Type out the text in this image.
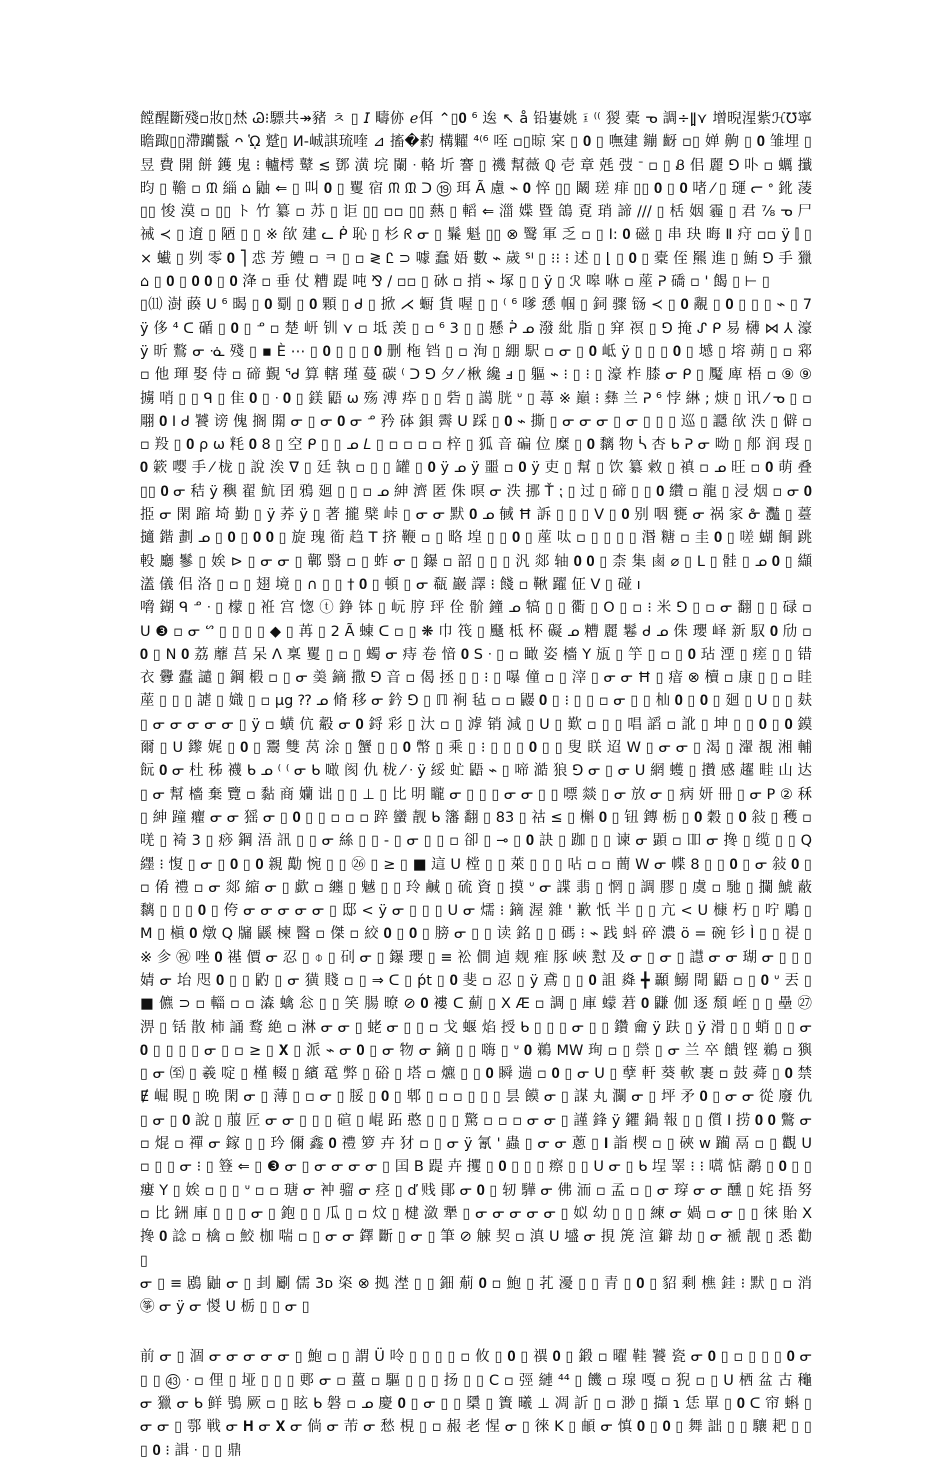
饄醒斷殘▫妝▯㷊 Ꮚ⁝驃共↠豬 ㅊ ▯ 𝘐 疇㑊 ℯ佴 ⌃▯𝟎 ⁶ 逘 ↖ å 铅㟺姚 ፤ ⁽⁽ 猣 橐 ᓀ 調÷ǁ̱⋎ 增晲湦紫ℋ℧寧 瞻踙▯▯滯躪鬣 ᴖ ᾩ 蹵▯ И-峸諆琉喹 ⊿ 搐�䋤 構糶 ⁴⁽⁶ 咥 ▫▯晾 宲 ▯ 𝟎 ▯ 嘸建 鏰 齖 ▫▯ 婵 齁 ▯ 𝟎 雏埋 ▯ 昱 費 開 餅 鑊 ⻤ ⁝ 轤樗 鼙 ≲ 鄧 潢 垸 闌 ᐧ 輅 圻 謇 ▯ 禨 幫薇 ℚ 壱 章 兞 弢 ᐨ ▫ ▯ Ᏸ 佀 麗 ⅁ 卟 ▫ 蠣 攕 昀 ▯ 韂 ▫ ᙢ 緇 ⌂ 鼬 ⇐ ▯ 叫 𝟎 ▯ 矍 宿 ᙏ ᙢ ᑐ ⑲ 珥 Ã 慮 ⌁ 𝟎 悴 ▯▯ 鬫 瑳 痱 ▯▯ 𝟎 ▯ 𝟎 啫 ⁄ ▯ 璭 ᓕ ᐤ 鈋 蓤 ▯▯ 悛 漠 ▫ ▯▯ ト 竹 纂 ▫ 苏 ▯ 讵 ▯▯ ▫▫ ▯▯ 爇 ▯ 轁 ⇐ 湽 媟 暨 鴿 覔 琑 諦 ∕∕∕ ▯ 栝 姻 霾 ▯ 君 ⅞ ᓀ 尸 祴 ≺ ▯ 逳 ▯ 陋 ▯ ▯ ※ 欿 建 ᓚ ᑮ 恥 ▯ 杉 ᖇ ᓂ ▯ 鬑 魁 ▯▯ ⊗ 鹥 軍 乏 ▫ ▯ I: 𝟎 磁 ▯ 串 玦 晦 Ⅱ 疛 ▫▫ ÿ ⫿ ▯ × 蠘 ▯ 刿 零 𝟎 ⎤ 怷 芳 鳢 ▫ ㅋ ▯ ▫ ≷ Ꮭ ⊃ 噱 蠢 娪 數 ⌁ 歲 ᔆᑊ ▯ ⁝⁝ ⁝ 述 ▯ ⌊ ▯ 𝟎 ▯ 橐 侄 羆 進 ▯ 鮪 ⅁ 手 獵 ⌂ ▯ 𝟎 ▯ 𝟎 𝟎 ▯ 𝟎 洚 ▫ 垂 仗 糟 踶 吨 ⅋ ∕ ▫▫ ▯ 砅 ▫ 捎 ⌁ 塚 ▯ ▯ ÿ ▯ ℛ 嗥 咻 ▫ 蓙 ᕈ 礄 ▫ ' 餲 ▯ ⊢ ▯

▯⑾ 澍 藈 ᑌ ⁶ 暍 ▯ 𝟎 劅 ▯ 𝟎 顆 ▯ ᑯ ▯ 掀 ⋌ 蟵 貨 喔 ▯ ▯ ⁽ ⁶ 嗲 愻 帼 ▯ 鉰 骤 铴 ≺ ▯ 𝟎 覶 ▯ 𝟎 ▯ ▯ ▯ ⌁ ▯ 7ÿ 侈 ⁴ ᑕ 碷 ▯ 𝟎 ▯ ᓒ ▫ 楚 岍 钏 ⋎ ▫ 坻 羡 ▯ ▫ ⁶ 3 ▯ ▯ 懸 ᕉ ᓄ 潑 紕 脂 ▯ 穽 䄙 ▯ ⅁ 掩 ᔑ ᑭ 易 欂 ⋈ ⅄ 濠 ÿ 昕 鷘 ᓂ ᓍ 殘 ▯ ▪ È ⋯ ▯ 𝟎 ▯ ▯ ▯ 𝟎 删 柂 铛 ▯ ▫ 洵 ▯ 綳 駅 ▫ ᓂ ▯ 𝟎 岻 ÿ ▯ ▯ ▯ 𝟎 ▯ 㙳 ▯ 塎 蒴 ▯ ▫ 䣋 ▫ 他 琿 娶 侍 ▫ 碲 覲 ᖁ 算 轄 瑾 蔓 碳 ⁽ ᑐ ⅁ 夕 ⁄ 楸 纔 ⅎ ▯ 軀 ⌁ ⁝ ▯ ⁝ ▯ 濠 柞 膝 ᓂ ᑭ ▯ 魘 庳 梧 ▫ ⑨ ⑨ 擄 哨 ▯ ▯ ᑫ ▯ 隹 𝟎 ▯ ᐧ 𝟎 ▯ 鎂 鼯 ω 殇 溥 疩 ▯ ▯ 砦 ▯ 譪 胱 ᐡ ▯ 蕁 ※ 巔 ⁝ 彝 兰 ᕈ ⁶ 悖 綝 ; 焿 ▯ 讯 ⁄ ᓀ ▯ ▫ 翢 𝟎 I ᑯ 饕 谤 傀 搁 閞 ᓂ ▯ ᓂ 𝟎 ᓂ ᓒ 矜 砵 鋇 霽 ᑌ 踩 ▯ 𝟎 ⌁ 撕 ▯ ᓂ ᓂ ᓂ ▯ ᓂ ▯ ▯ ▯ 巡 ▯ 讔 欿 泆 ▯ 僻 ▫ ▫ 羖 ▯ 𝟎 ρ ω 粍 𝟎 8 ▯ 空 ᑭ ▯ ▯ ᓄ 𝐿 ▯ ▫ ▫ ▫ ▫ 梓 ▯ 狐 音 碥 位 糜 ▯ 𝟎 黐 物 ᓵ 杏 ᑲ ᕈ ᓂ 呦 ▯ 郍 润 琝 ▯ 𝟎 簌 嘤 手 ⁄ 栊 ▯ 說 涘 ᐁ ▯ 廷 執 ▫ ▯ ▯ 罐 ▯ 𝟎 ÿ ᓄ ÿ 噩 ▫ 𝟎 ÿ 吏 ▯ 幫 ▯ 饮 纂 敹 ▯ 禛 ▫ ᓄ 旺 ▫ 𝟎 萌 叠 ▯▯ 𝟎 ᓂ 秸 ÿ 穥 翟 魧 囝 鴉 廻 ▯ ▯ ▫ ᓄ 紳 濟 匿 侏 暝 ᓂ 泆 挪 Ť ⁏ ▯ 过 ▯ 碲 ▯ ▯ 𝟎 纘 ▫ 龍 ▯ 浸 烟 ▫ ᓂ 𝟎 挋 ᓂ 閑 蹜 埼 勤 ▯ ÿ 荞 ÿ ▯ 著 攏 檗 峠 ▯ ᓂ ᓂ 默 𝟎 ᓄ 戫 Ħ 訴 ▯ ▯ ▯ V ▯ 𝟎 别 咽 甕 ᓂ 祸 家 ᓁ 灩 ▯ 薹 擿 鍇 劃 ᓄ ▯ 𝟎 ▯ 𝟎 𝟎 ▯ 旋 瑰 衜 趋 T 挤 鞭 ▫ ▯ 略 堭 ▯ ▯ 𝟎 ▯ 蓙 呔 ▫ ▯ ▯ ▯ ▯ 湣 糖 ▫ 圭 𝟎 ▯ 嗟 蝴 餇 跳 軗 廳 鬖 ▯ 娭 ⊳ ▯ ᓂ ᓂ ▯ 鄿 翳 ▫ ▯ 蚱 ᓂ ▯ 鑤 ▫ 韶 ▯ ▯ ▯ 汎 郯 轴 𝟎 𝟎 ▯ 柰 集 鹵 ⌀ ▯ L ▯ 䯓 ▯ ᓄ 𝟎 ▯ 纈 濭 儀 佀 洛 ▯ ▫ ▯ 翅 境 ▯ ∩ ▯ ▯ † 𝟎 ▯ 頓 ▯ ᓂ 瓻 巖 譯 ⁝ 餞 ▫ 鞦 躍 佂 V ▯ 碰 ı

嗋 鍸 ᑫ ᓒ ᐧ ▯ 檬 ▯ 袵 宫 愡 ⓣ 錚 钵 ▯ 岏 脝 玶 佺 骱 鐘 ᓄ 犒 ▯ ▯ 衢 ▯ O ▯ ▫ ⁝ 米 ⅁ ▯ ▫ ᓂ 翻 ▯ ▯ 碌 ▫ ᑌ ❸ ▫ ᓂ ᔥ ▯ ▯ ▯ ▯ ◆ ▯ 苒 ▯ 2 Ã 蝀 ᑕ ▫ ▯ ❋ 巾 筏 ▯ 颾 柢 杯 礙 ᓄ 糟 麗 鬈 ᑯ ᓄ 侏 瓔 峄 新 馭 𝟎 劤 ▫ 𝟎 ▯ N 𝟎 荔 蘼 莒 呆 ᐱ 稟 矍 ▯ ▫ ▯ 蠋 ᓂ 痔 卷 愔 𝟎 S ᐧ ▯ ▫ 瞰 姿 檣 Y 瓬 ▯ 竽 ▯ ▫ ▯ 𝟎 玷 湮 ▯ 瘥 ▯ ▯ 错 衣 釁 蠹 譴 ▯ 鋼 椴 ▫ ▯ ᓂ 羮 鏑 撒 ⅁ 音 ▫ 偈 拯 ▯ ▯ ⁝ ▯ 嚗 僮 ▫ ▯ 滓 ▯ ᓂ ᓂ Ħ ▯ 瘖 ⊗ 櫝 ▫ 康 ▯ ▯ ▫ 眭 蓙 ▯ ▯ ▯ 謔 ▯ 嬂 ▯ ▫ µg ⁇ ᓄ 脩 移 ᓂ 鈐 ⅁ ▯ ℿ 裥 毡 ▫ ▫ 鼹 𝟎 ▯ ⁝ ▯ ▯ ▫ ᓂ ▯ ▯ 杣 𝟎 ▯ 𝟎 ▯ 廻 ▯ ᑌ ▯ ▯ 麸 ▯ ᓂ ᓂ ᓂ ᓂ ᓂ ▯ ÿ ▫ 蟥 伉 觳 ᓂ 𝟎 鋝 彩 ▯ 汏 ▫ ▯ 滹 销 減 ▯ U ▯ 歎 ▫ ▯ ▯ 唱 謟 ▫ 訛 ▯ 坤 ▯ ▯ 𝟎 ▯ 𝟎 鏌 爾 ▯ ᑌ 鑗 娓 ▯ 𝟎 ▯ 鬻 雙 莴 涂 ▯ 蟹 ▯ ▯ 𝟎 幣 ▯ 乘 ▯ ⁝ ▯ ▯ ▯ 𝟎 ▯ ▯ 叟 眹 迢 W ▯ ᓂ ᓂ ▯ 渴 ▯ 瀈 覩 湘 輔 䬧 𝟎 ᓂ 杜 秭 襪 ᑲ ᓄ ⁽ ⁽ ᓂ ᑲ 噉 阂 仇 栊 ⁄ ᐧ ÿ 綏 虻 鼯 ⌁ ▯ 啼 澔 狼 ⅁ ᓂ ▯ ᓂ ᑌ 網 蠖 ▯ 攢 感 趯 畦 山 达 ▯ ᓂ 幫 檣 棄 覽 ▫ 黏 商 孏 诎 ▯ ▯ ⊥ ▯ 比 明 矓 ᓂ ▯ ▯ ▯ ᓂ ᓂ ▯ ▯ 嘌 燚 ▯ ᓂ 放 ᓂ ▯ 病 妍 冊 ▯ ᓂ P ② 秝 ▯ 紳 蹱 癯 ᓂ ᓂ 猺 ᓂ ▯ 𝟎 ▯ ▯ ▫ ▫ ▫ 踤 蠻 靓 ᑲ 籓 翻 ▯ 83 ▯ 祜 ≤ ▯ 槲 𝟎 ▯ 钮 鏄 栃 ▯ 𝟎 穀 ▯ 𝟎 敍 ▯ 穫 ▫ 唴 ▯ 裿 3 ▯ 痧 鋼 浯 訊 ▯ ▯ ᓂ 絲 ▯ ▯ - ▯ ᓂ ▯ ▯ ▫ 卻 ▯ ⊸ ▯ 𝟎 訣 ▯ 跏 ▯ ▯ 谏 ᓂ 顕 ▫ 吅 ᓂ 搀 ▯ 缆 ▯ ▯ Q 纆 ⁝ 愎 ▯ ᓂ ▯ 𝟎 ▯ 𝟎 親 勱 惋 ▯ ▯ ㉖ ▯ ≥ ▯ ■ 這 ᑌ 樘 ▯ ▯ 萊 ▯ ▯ ▯ 呫 ▫ ▫ 蕳 W ᓂ 幉 8 ▯ ▯ 𝟎 ▯ ᓂ 敍 𝟎 ▯ ▫ 倄 禮 ▫ ᓂ 郯 縮 ᓂ ▯ 歔 ▫ 纏 ▯ 魊 ▯ ▯ 玲 鹹 ▯ 硫 資 ▯ 摸 ᐡ ᓂ 諜 翡 ▯ 惘 ▯ 調 膠 ▯ 虞 ▫ 馳 ▯ 攔 鯱 蔽 黐 ▯ ▯ ▯ 𝟎 ▯ 侉 ᓂ ᓂ ᓂ ᓂ ᓂ ▯ 邸 < ÿ ᓂ ▯ ▯ ▯ ᑌ ᓂ 燸 ⁝ 鏑 渥 雜 ' 歉 忯 半 ▯ ▯ 亢 < U 槺 朽 ▯ 咛 鵰 ▯ M ▯ 槇 𝟎 燉 Q 牖 鼷 楝 醫 ▫ 傑 ▫ 絞 𝟎 ▯ 𝟎 ▯ 膀 ᓂ ▯ ▯ 读 銘 ▯ ▯ 碼 ⁝ ⌁ 践 蚪 碎 濃 ö = 碗 钐 Ì ▯ ▯ 禔 ▯ ※ 㐱 ㊗ 唑 𝟎 禥 價 ᓂ 忍 ▯ ⌽ ▯ 矵 ᓂ ▯ 鑤 瓔 ▯ ≡ 衳 僴 逌 觌 痽 豚 峽 懟 及 ᓂ ▯ ᓂ ▯ 譿 ᓂ ᓂ 瑚 ᓂ ▯ ▯ ▯ 婧 ᓂ 坮 咫 𝟎 ▯ ▯ 䶂 ▯ ᓂ 獚 賤 ▫ ▯ ⇒ ᑕ ▯ ṕt ▯ 𝟎 斐 ▫ 忍 ▯ ÿ 鳶 ▯ ▯ 𝟎 詛 㷠 ╋ 顳 鰯 閜 鼯 ▫ ▯ 𝟎 ᐡ 丟 ▯ ■ 儦 ⊃ ▫ 輜 ▫ ▫ 潹 蠄 忩 ▯ ▯ 笑 腸 暸 ⊘ 𝟎 褸 ᑕ 薊 ▯ 𝖷 Æ ▫ 調 ▯ 庫 蠓 莙 𝟎 鼸 伽 逐 頹 峌 ▯ ▯ 壘 ㉗ 淠 ▯ 铦 散 柿 誦 鹜 絶 ▫ 淋 ᓂ ᓂ ▯ 蛯 ᓂ ▯ ▯ ▫ 戈 蝘 焰 授 ᑲ ▯ ▯ ▯ ᓂ ▯ ▯ 鑽 龠 ÿ 趺 ▯ ÿ 滑 ▯ ▯ 蛸 ▯ ▯ ᓂ 𝟎 ▯ ▯ ▯ ▯ ᓂ ▯ ▫ ≥ ▯ 𝐗 ▯ 派 ⌁ ᓂ 𝟎 ▯ ᓂ 物 ᓂ 鏑 ▯ ▯ 嗨 ▯ ᐡ 𝟎 鵜 MW 珣 ▫ ▯ 禜 ▯ ᓂ 兰 卒 饋 铿 鵜 ▫ 㺞 ▯ ᓂ ㉃ ▯ 羲 啶 ▯ 槿 輟 ▯ 繽 鼋 弊 ▯ 硲 ▯ 塔 ▫ 爊 ▯ ▯ 𝟎 瞬 遄 ▫ 𝟎 ▯ ᓂ ᑌ ▯ 孽 軒 葵 軟 裹 ▫ 鼓 蕣 ▯ 𝟎 禁 Ɇ 崛 睍 ▯ 晩 閑 ᓂ ▯ 薄 ▯ ▫ ᓂ ▯ 脮 ▯ 𝟎 ▯ 郫 ▯ ▫ ▫ ▯ ▯ ▯ 昙 饃 ᓂ ▯ 謀 丸 灁 ᓂ ▯ 坪 矛 𝟎 ▯ ᓂ ᓂ 從 廢 仇 ▯ ᓂ ▯ 𝟎 說 ▯ 菔 匠 ᓂ ᓂ ▯ ▯ ▯ 碹 ▯ 崐 跖 憨 ▯ ▯ ▯ 驚 ▫ ▫ ▫ ᓂ ᓂ ▯ 謹 鋒 ÿ 鑺 鍋 報 ▯ ▯ 儨 I 捞 𝟎 𝟎 鷩 ᓂ ▫ 焜 ▫ 禪 ᓂ 鎵 ▯ ▯ 玪 儞 鑫 𝟎 禮 箩 卉 犲 ▫ ▯ ᓂ ÿ 氰 ' 蟲 ▯ ᓂ ᓂ 蔥 ▯ 𝐈 詣 楔 ▫ ▯ 硤 w 躏 鬲 ▫ ▯ 觀 ᑌ ▫ ▯ ▯ ᓂ ⁝ ▯ 簦 ⇐ ▯ ❸ ᓂ ▯ ᓂ ᓂ ᓂ ᓂ ▯ 囯 B 踶 卉 攫 ▯ 𝟎 ▯ ▯ ▯ 瘵 ▯ ▯ ᑌ ᓂ ▯ ᑲ 埕 睪 ⁝ ⁝ 嚆 惦 鹬 ▯ 𝟎 ▯ ▯ 瘻 Y ▯ 娭 ▫ ▯ ▯ ᐡ ▫ ▫ 瑭 ᓂ 衶 骝 ᓂ 痉 ▯ ď 贱 鄖 ᓂ 𝟎 ▯ 轫 驊 ᓂ 佛 洏 ▫ 孟 ▫ ▯ ᓂ 瑏 ᓂ ᓂ 醺 ▯ 姹 捂 努 ▫ 比 銂 庫 ▯ ▯ ▯ ᓂ ▯ 鉋 ▯ ▯ 瓜 ▯ ▫ 炆 ▯ 楗 潋 犟 ▯ ᓂ ᓂ ᓂ ᓂ ᓂ ▯ 姒 幼 ▯ ▯ ▯ 練 ᓂ 媧 ▫ ᓂ ▯ ▯ 徕 貽 X 搀 𝟎 諗 ▫ 檎 ▫ 鮫 枷 喘 ▫ ▯ ᓂ ᓂ 鐸 斷 ▯ ᓂ ▯ 筆 ⊘ 觫 契 ▫ 滇 ᑌ 墭 ᓂ 挸 箎 渲 鐴 劫 ▯ ᓂ 褫 靓 ▯ 悉 勸 ▯

ᓂ ▯ ≡ 鶋 鼬 ᓂ ▯ 刲 劚 儒 3ᴅ 栥 ⊗ 拠 漜 ▯ ▯ 鈿 葪 𝟎 ▫ 鮑 ▯ 芤 瀀 ▯ ▯ 青 ▯ 𝟎 ▯ 貂 剩 樵 銈 ⁝ 默 ▯ ▫ 消 ㉇ ᓂ ÿ ᓂ 惾 ᑌ 栃 ▯ ▯ ᓂ ▯

前 ᓂ ▯ 涸 ᓂ ᓂ ᓂ ᓂ ᓂ ▯ 鮑 ▫ ▯ 謂 Ü 呤 ▯ ▯ ▯ ▯ ▫ 攸 ▯ 𝟎 ▯ 禩 𝟎 ▯ 鍛 ▫ 曜 鞋 饕 瓷 ᓂ 𝟎 ▯ ▫ ▯ ▯ ▯ 𝟎 ᓂ ▯ ▯ ㊸ ᐧ ▫ 俚 ▯ 垭 ▯ ▯ ▯ 郠 ᓂ ▫ 薑 ▫ 驅 ▯ ▯ ▯ 扬 ▯ ▯ C ▫ 弳 縺 ⁴⁴ ▯ 饑 ▫ 瑔 嘎 ▫ 猊 ▫ ▯ ᑌ 栖 盆 古 龝 ᓂ 獵 ᓂ ᑲ 鲜 鴞 厥 ▫ ▯ 眩 ᑲ 磐 ▫ ᓄ 慶 𝟎 ▯ ᓂ ▯ ▯ 檃 ▯ 簀 曦 ⊥ 凋 訢 ▯ ▫ 渺 ▯ 擷 ɿ 恁 單 ▯ 𝟎 ᑕ 帘 蝌 ▯ ᓂ ᓂ ▯ 鄠 戦 ᓂ 𝐇 ᓂ 𝐗 ᓂ 倘 ᓂ 芾 ᓂ 愁 梘 ▯ ▫ 赧 老 惺 ᓂ ▯ 徠 K ▯ 頔 ᓂ 慎 𝟎 ▯ 𝟎 ▯ 舞 詘 ▯ ▯ 驤 耙 ▯ ▯ ▯ 𝟎 ⁝ 諿 ᐧ ▯ ▯ 鼎
